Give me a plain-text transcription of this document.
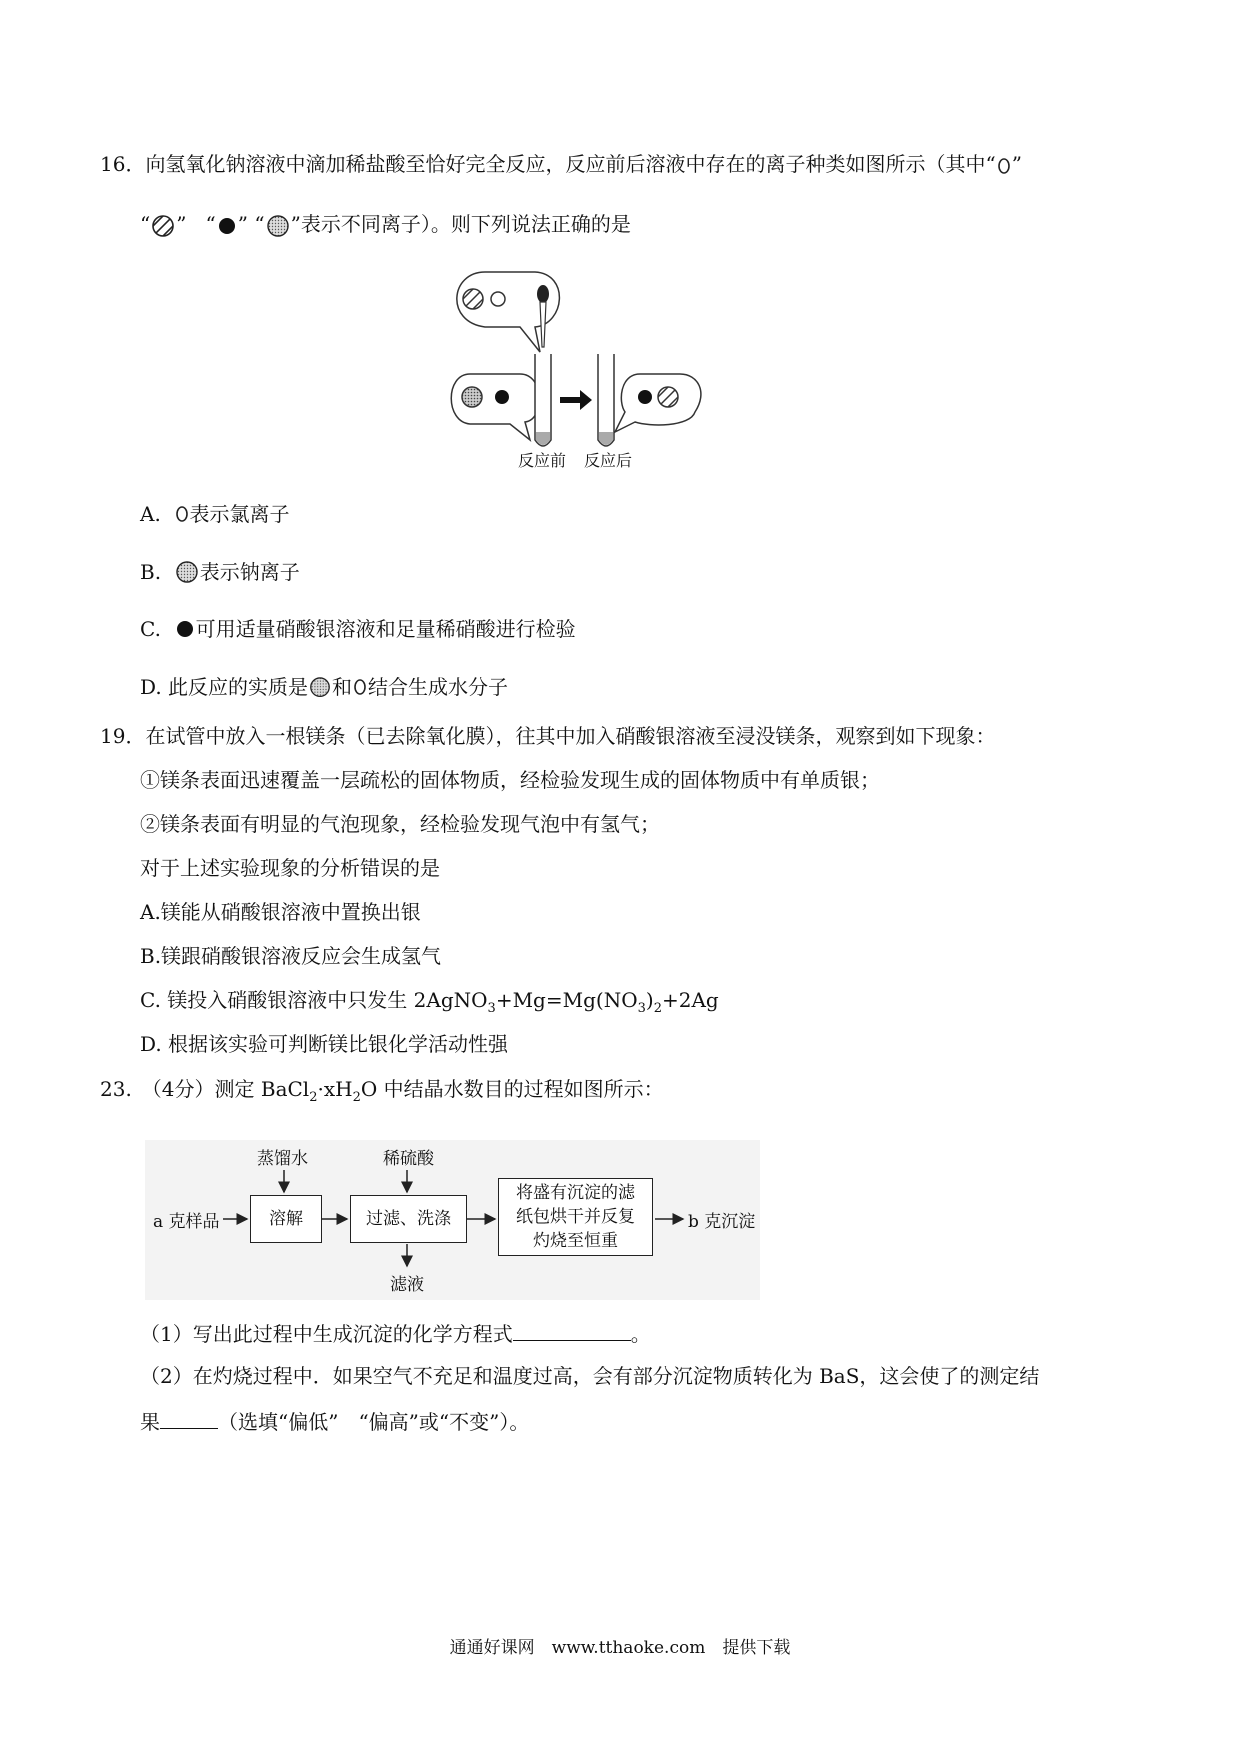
16．向氢氧化钠溶液中滴加稀盐酸至恰好完全反应，反应前后溶液中存在的离子种类如图所示（其中“ ”
“ ” “ ” “ ”表示不同离子）。则下列说法正确的是
反应前 反应后
A. 表示氯离子
B. 表示钠离子
C. 可用适量硝酸银溶液和足量稀硝酸进行检验
D. 此反应的实质是 和 结合生成水分子
19．在试管中放入一根镁条（已去除氧化膜），往其中加入硝酸银溶液至浸没镁条，观察到如下现象：
①镁条表面迅速覆盖一层疏松的固体物质，经检验发现生成的固体物质中有单质银；
②镁条表面有明显的气泡现象，经检验发现气泡中有氢气；
对于上述实验现象的分析错误的是
A.镁能从硝酸银溶液中置换出银
B.镁跟硝酸银溶液反应会生成氢气
C. 镁投入硝酸银溶液中只发生 $2AgNO_3+Mg=Mg(NO_3)_2+2Ag$
D. 根据该实验可判断镁比银化学活动性强
23.　（4分）测定 $BaCl_2\cdot xH_2O$ 中结晶水数目的过程如图所示：
a 克样品
蒸馏水
溶解
稀硫酸
过滤、洗涤
滤液
将盛有沉淀的滤纸包烘干并反复灼烧至恒重
b 克沉淀
（1）写出此过程中生成沉淀的化学方程式	。
（2）在灼烧过程中．如果空气不充足和温度过高，会有部分沉淀物质转化为 BaS，这会使了的测定结
果	（选填“偏低”　“偏高”或“不变”）。
通通好课网　www.tthaoke.com　提供下载
